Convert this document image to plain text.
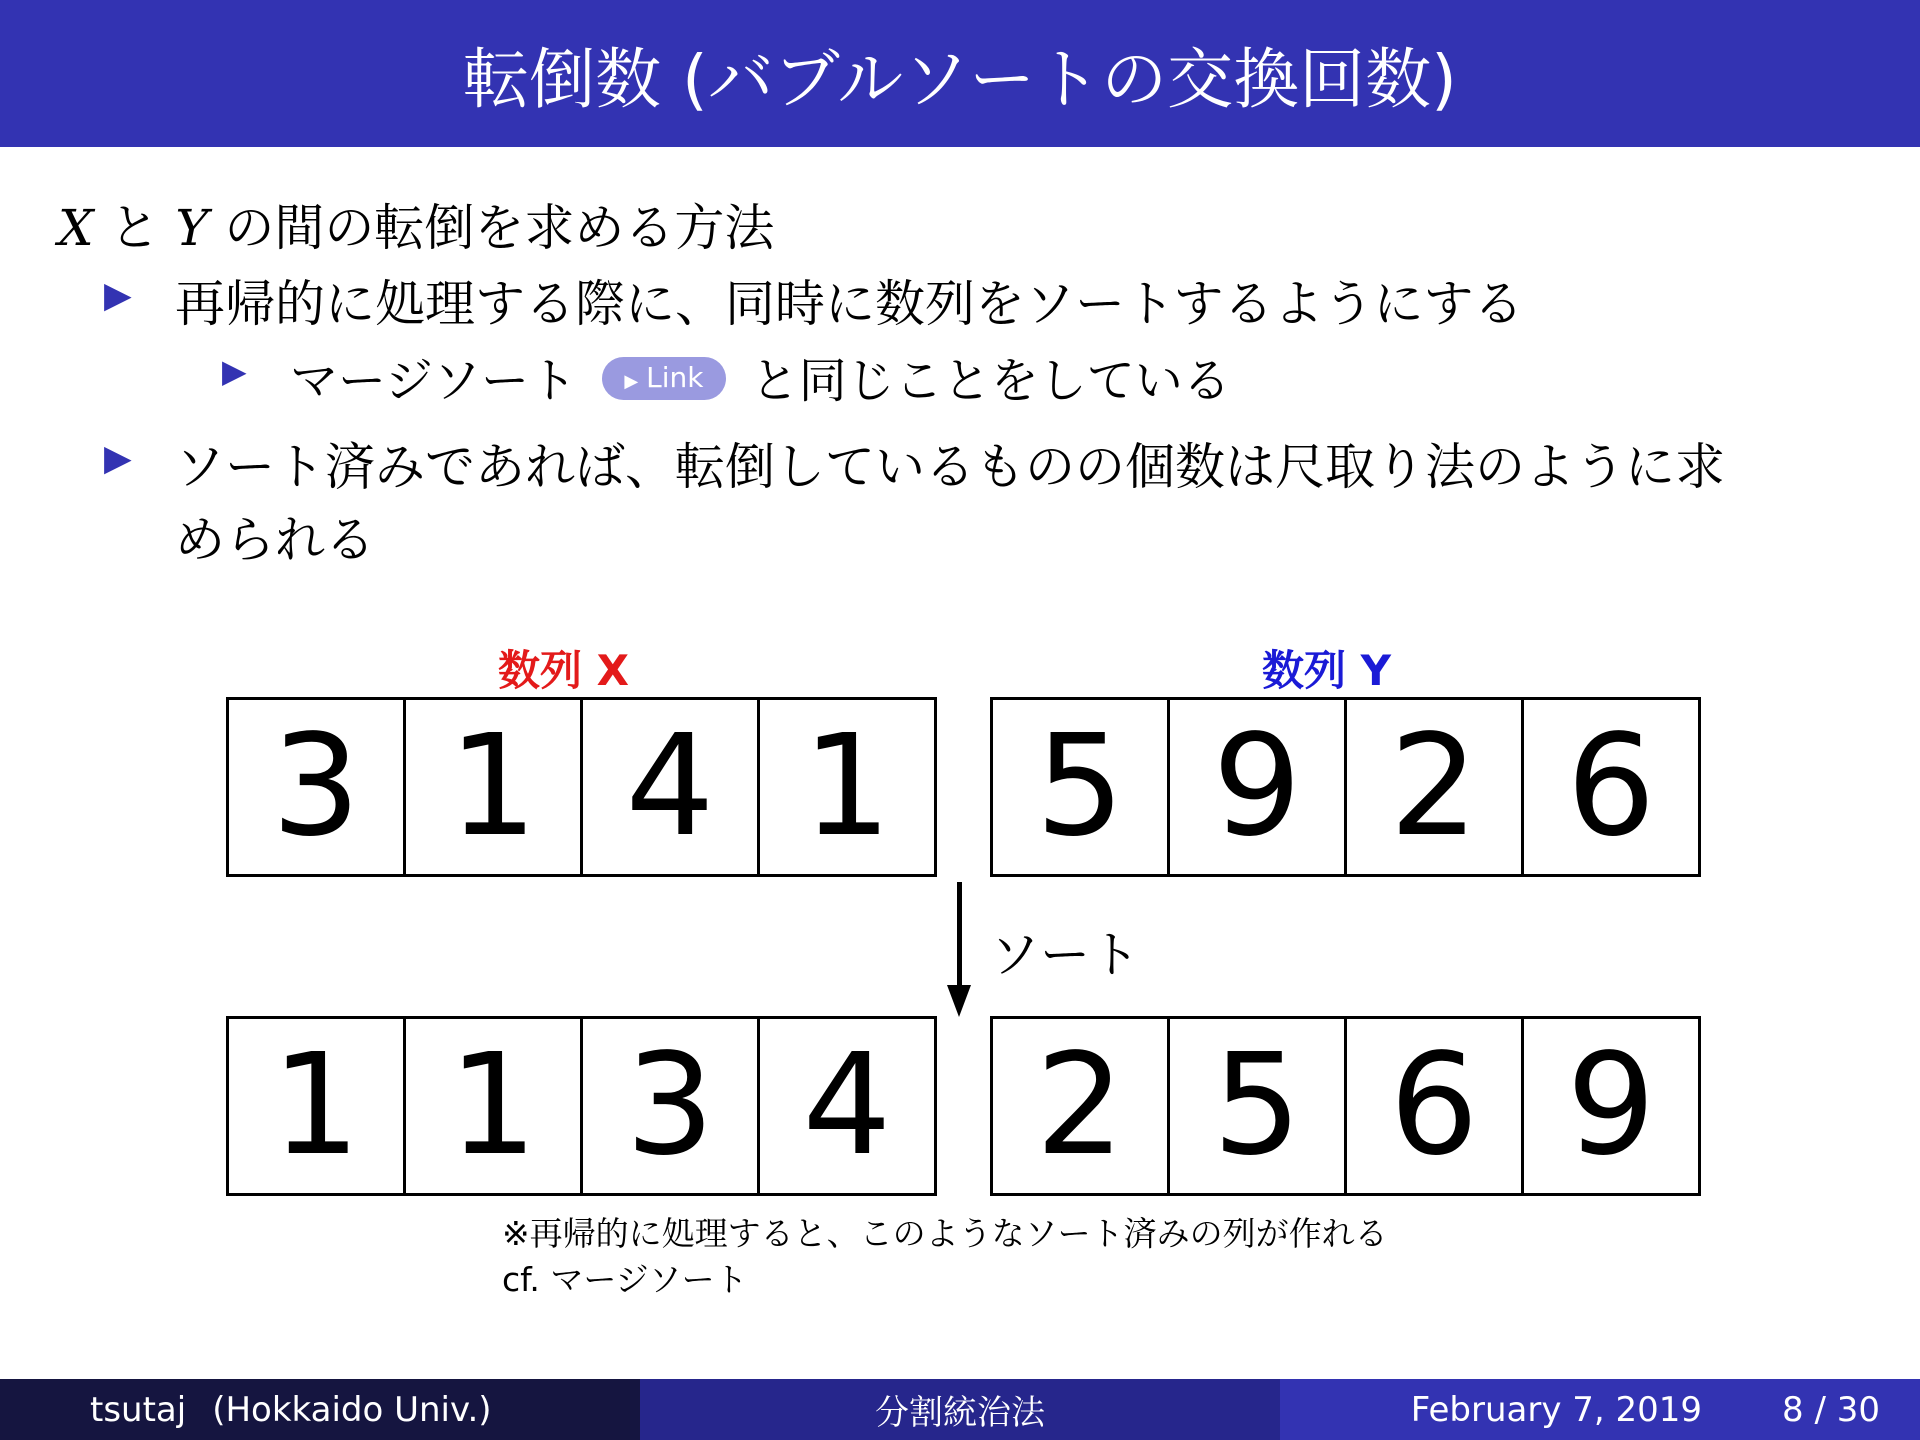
転倒数 (バブルソートの交換回数)
X と Y の間の転倒を求める方法
▶ 再帰的に処理する際に、同時に数列をソートするようにする
▶ マージソート	▶ Link と同じことをしている
▶ ソート済みであれば、転倒しているものの個数は尺取り法のように求
められる
数列 X	数列 Y
3 1 4 1	5 9 2 6
ソート
1 1 3 4	2 5 6 9
※再帰的に処理すると、このようなソート済みの列が作れる
cf. マージソート
tsutaj (Hokkaido Univ.)	分割統治法	February 7, 2019 8 / 30
